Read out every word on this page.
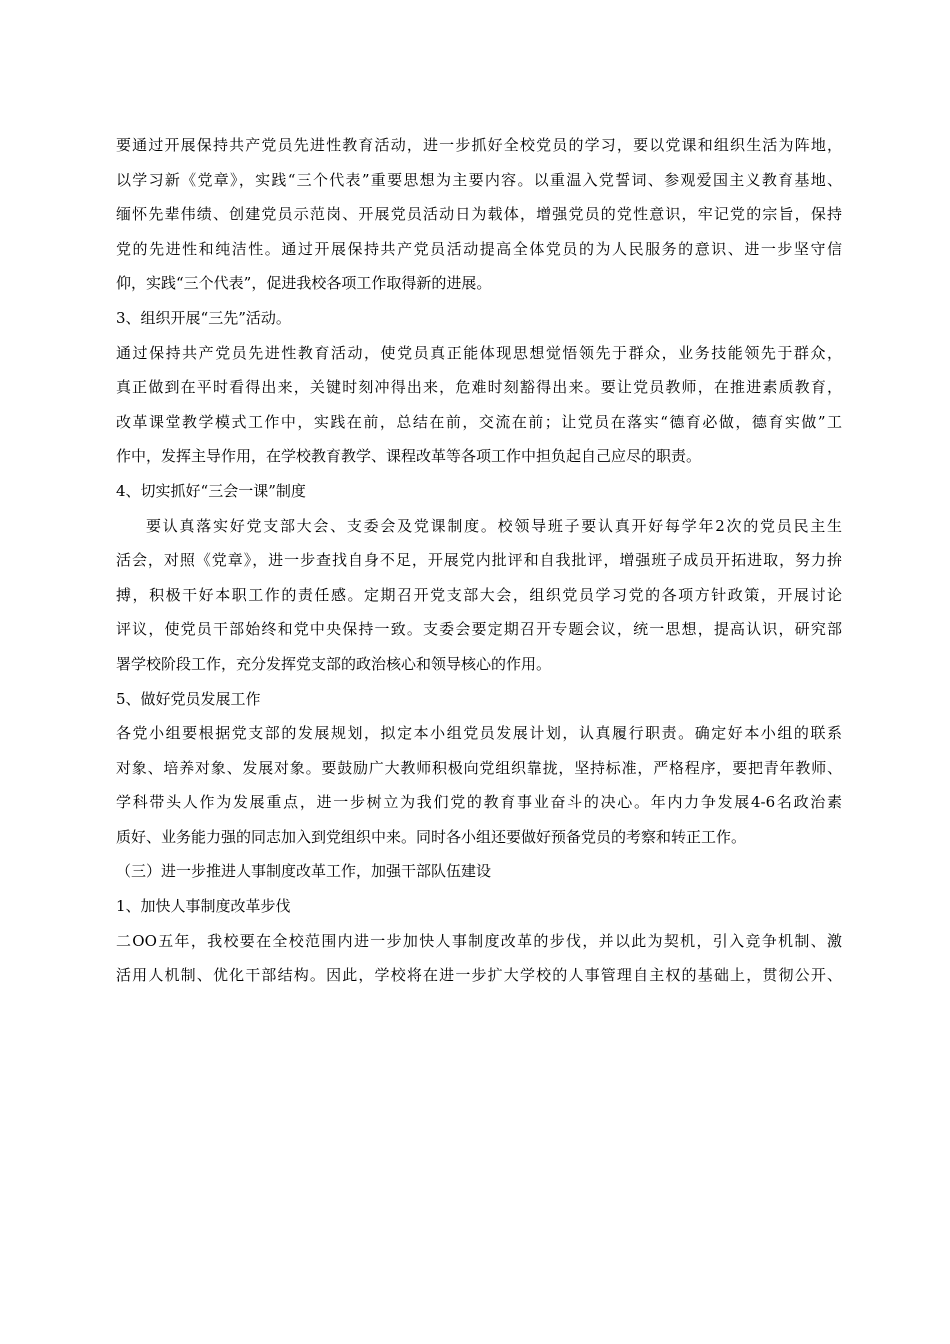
要通过开展保持共产党员先进性教育活动，进一步抓好全校党员的学习，要以党课和组织生活为阵地，
以学习新《党章》，实践“三个代表”重要思想为主要内容。以重温入党誓词、参观爱国主义教育基地、
缅怀先辈伟绩、创建党员示范岗、开展党员活动日为载体，增强党员的党性意识，牢记党的宗旨，保持
党的先进性和纯洁性。通过开展保持共产党员活动提高全体党员的为人民服务的意识、进一步坚守信
仰，实践“三个代表”，促进我校各项工作取得新的进展。
3、组织开展“三先”活动。
通过保持共产党员先进性教育活动，使党员真正能体现思想觉悟领先于群众，业务技能领先于群众，
真正做到在平时看得出来，关键时刻冲得出来，危难时刻豁得出来。要让党员教师，在推进素质教育，
改革课堂教学模式工作中，实践在前，总结在前，交流在前；让党员在落实“德育必做，德育实做”工
作中，发挥主导作用，在学校教育教学、课程改革等各项工作中担负起自己应尽的职责。
4、切实抓好“三会一课”制度
要认真落实好党支部大会、支委会及党课制度。校领导班子要认真开好每学年2次的党员民主生
活会，对照《党章》，进一步查找自身不足，开展党内批评和自我批评，增强班子成员开拓进取，努力拚
搏，积极干好本职工作的责任感。定期召开党支部大会，组织党员学习党的各项方针政策，开展讨论
评议，使党员干部始终和党中央保持一致。支委会要定期召开专题会议，统一思想，提高认识，研究部
署学校阶段工作，充分发挥党支部的政治核心和领导核心的作用。
5、做好党员发展工作
各党小组要根据党支部的发展规划，拟定本小组党员发展计划，认真履行职责。确定好本小组的联系
对象、培养对象、发展对象。要鼓励广大教师积极向党组织靠拢，坚持标准，严格程序，要把青年教师、
学科带头人作为发展重点，进一步树立为我们党的教育事业奋斗的决心。年内力争发展4-6名政治素
质好、业务能力强的同志加入到党组织中来。同时各小组还要做好预备党员的考察和转正工作。
（三）进一步推进人事制度改革工作，加强干部队伍建设
1、加快人事制度改革步伐
二OO五年，我校要在全校范围内进一步加快人事制度改革的步伐，并以此为契机，引入竞争机制、激
活用人机制、优化干部结构。因此，学校将在进一步扩大学校的人事管理自主权的基础上，贯彻公开、
